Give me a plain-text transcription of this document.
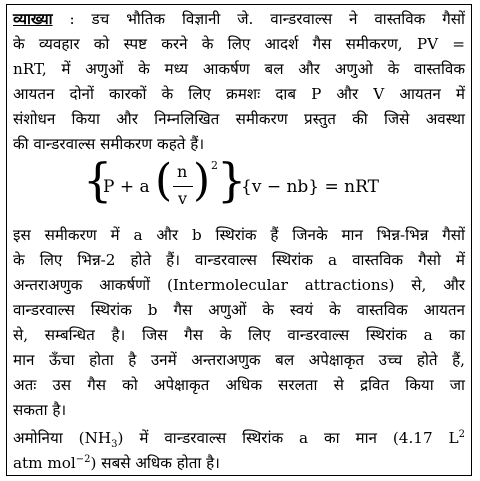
व्याख्या : डच भौतिक विज्ञानी जे. वान्डरवाल्स ने वास्तविक गैसों
के व्यवहार को स्पष्ट करने के लिए आदर्श गैस समीकरण, PV =
nRT, में अणुओं के मध्य आकर्षण बल और अणुओ के वास्तविक
आयतन दोनों कारकों के लिए क्रमशः दाब P और V आयतन में
संशोधन किया और निम्नलिखित समीकरण प्रस्तुत की जिसे अवस्था
की वान्डरवाल्स समीकरण कहते हैं।
{
P + a ( n
v ) 2 }
{v − nb} = nRT
इस समीकरण में a और b स्थिरांक हैं जिनके मान भिन्न-भिन्न गैसों
के लिए भिन्न-2 होते हैं। वान्डरवाल्स स्थिरांक a वास्तविक गैसो में
अन्तराअणुक आकर्षणों (Intermolecular attractions) से, और
वान्डरवाल्स स्थिरांक b गैस अणुओं के स्वयं के वास्तविक आयतन
से, सम्बन्धित है। जिस गैस के लिए वान्डरवाल्स स्थिरांक a का
मान ऊँचा होता है उनमें अन्तराअणुक बल अपेक्षाकृत उच्च होते हैं,
अतः उस गैस को अपेक्षाकृत अधिक सरलता से द्रवित किया जा
सकता है।
अमोनिया $(NH_3)$ में वान्डरवाल्स स्थिरांक a का मान (4.17 $L^2$
atm mol$^{-2}$) सबसे अधिक होता है।
